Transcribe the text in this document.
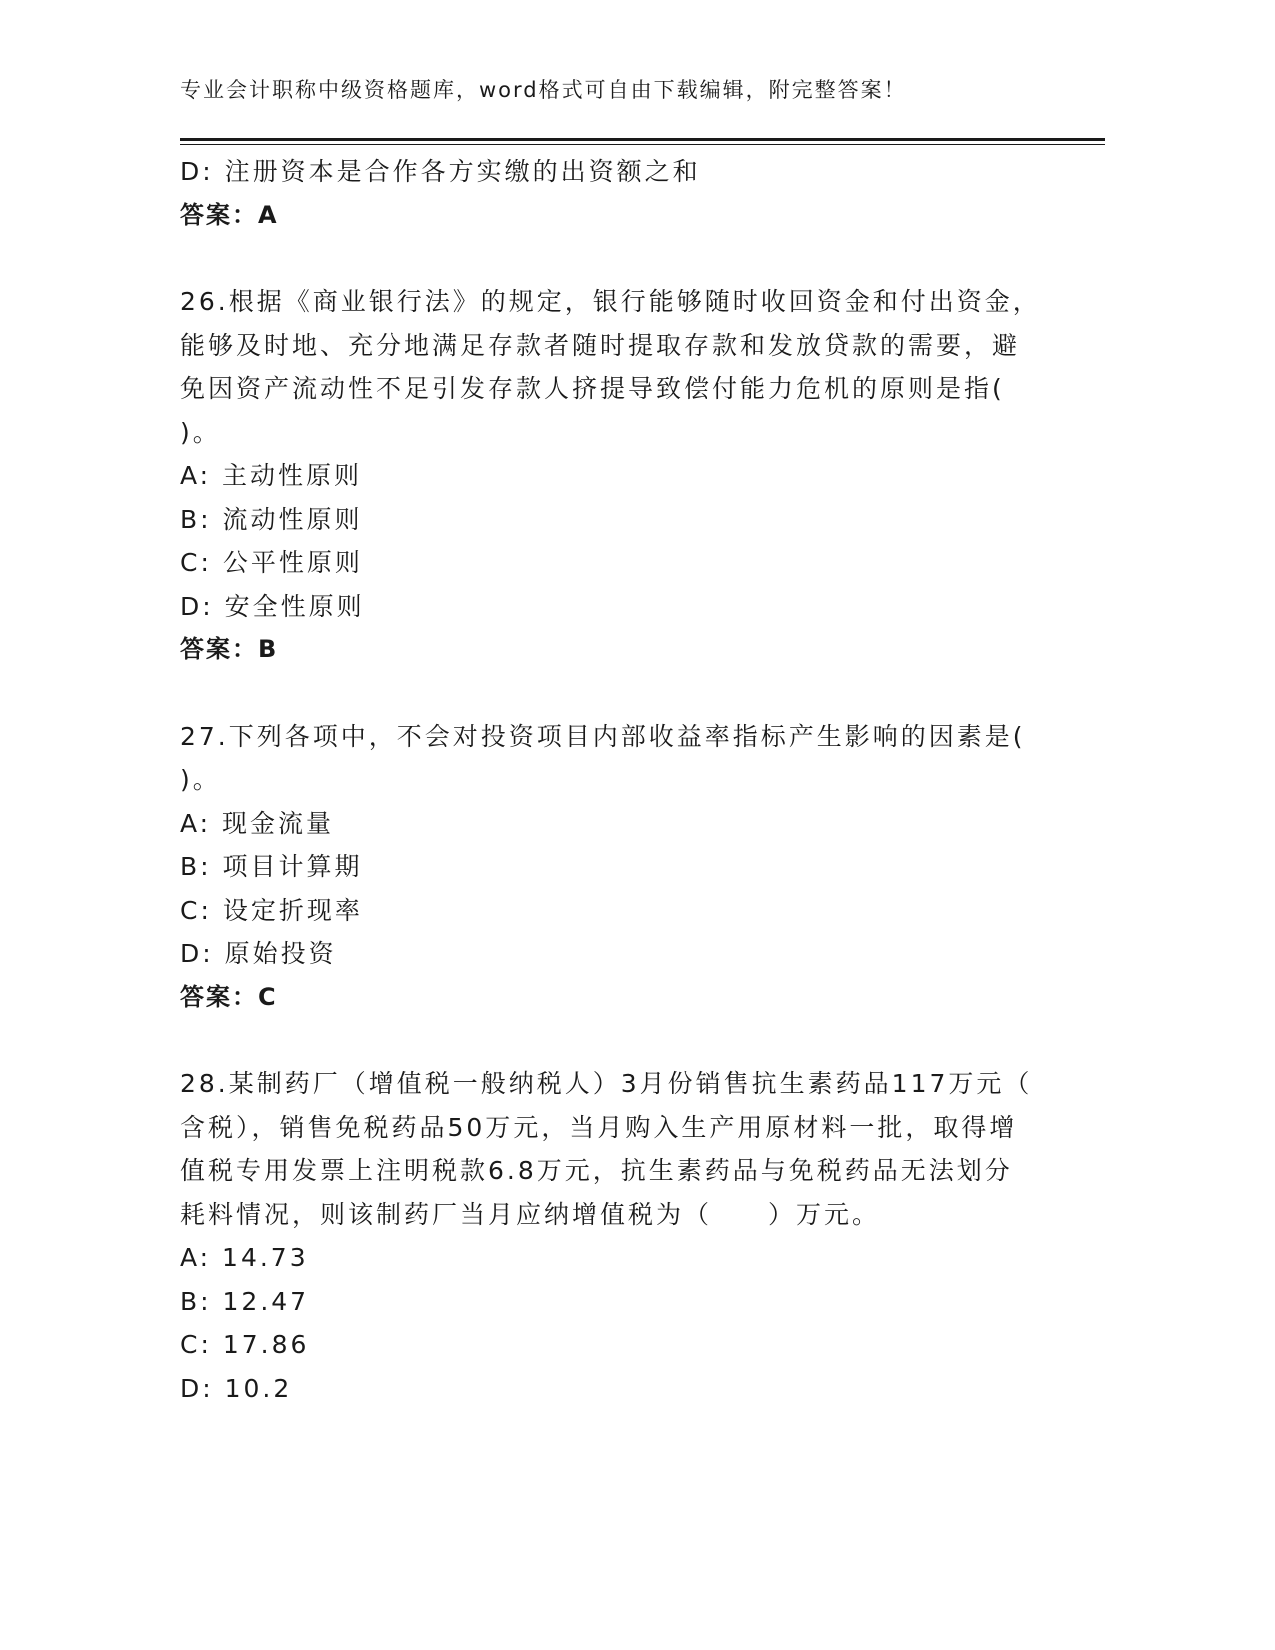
专业会计职称中级资格题库，word格式可自由下载编辑，附完整答案！
D: 注册资本是合作各方实缴的出资额之和
答案：A
26.根据《商业银行法》的规定，银行能够随时收回资金和付出资金，
能够及时地、充分地满足存款者随时提取存款和发放贷款的需要，避
免因资产流动性不足引发存款人挤提导致偿付能力危机的原则是指(
)。
A: 主动性原则
B: 流动性原则
C: 公平性原则
D: 安全性原则
答案：B
27.下列各项中，不会对投资项目内部收益率指标产生影响的因素是(
)。
A: 现金流量
B: 项目计算期
C: 设定折现率
D: 原始投资
答案：C
28.某制药厂（增值税一般纳税人）3月份销售抗生素药品117万元（
含税），销售免税药品50万元，当月购入生产用原材料一批，取得增
值税专用发票上注明税款6.8万元，抗生素药品与免税药品无法划分
耗料情况，则该制药厂当月应纳增值税为（　　）万元。
A: 14.73
B: 12.47
C: 17.86
D: 10.2
